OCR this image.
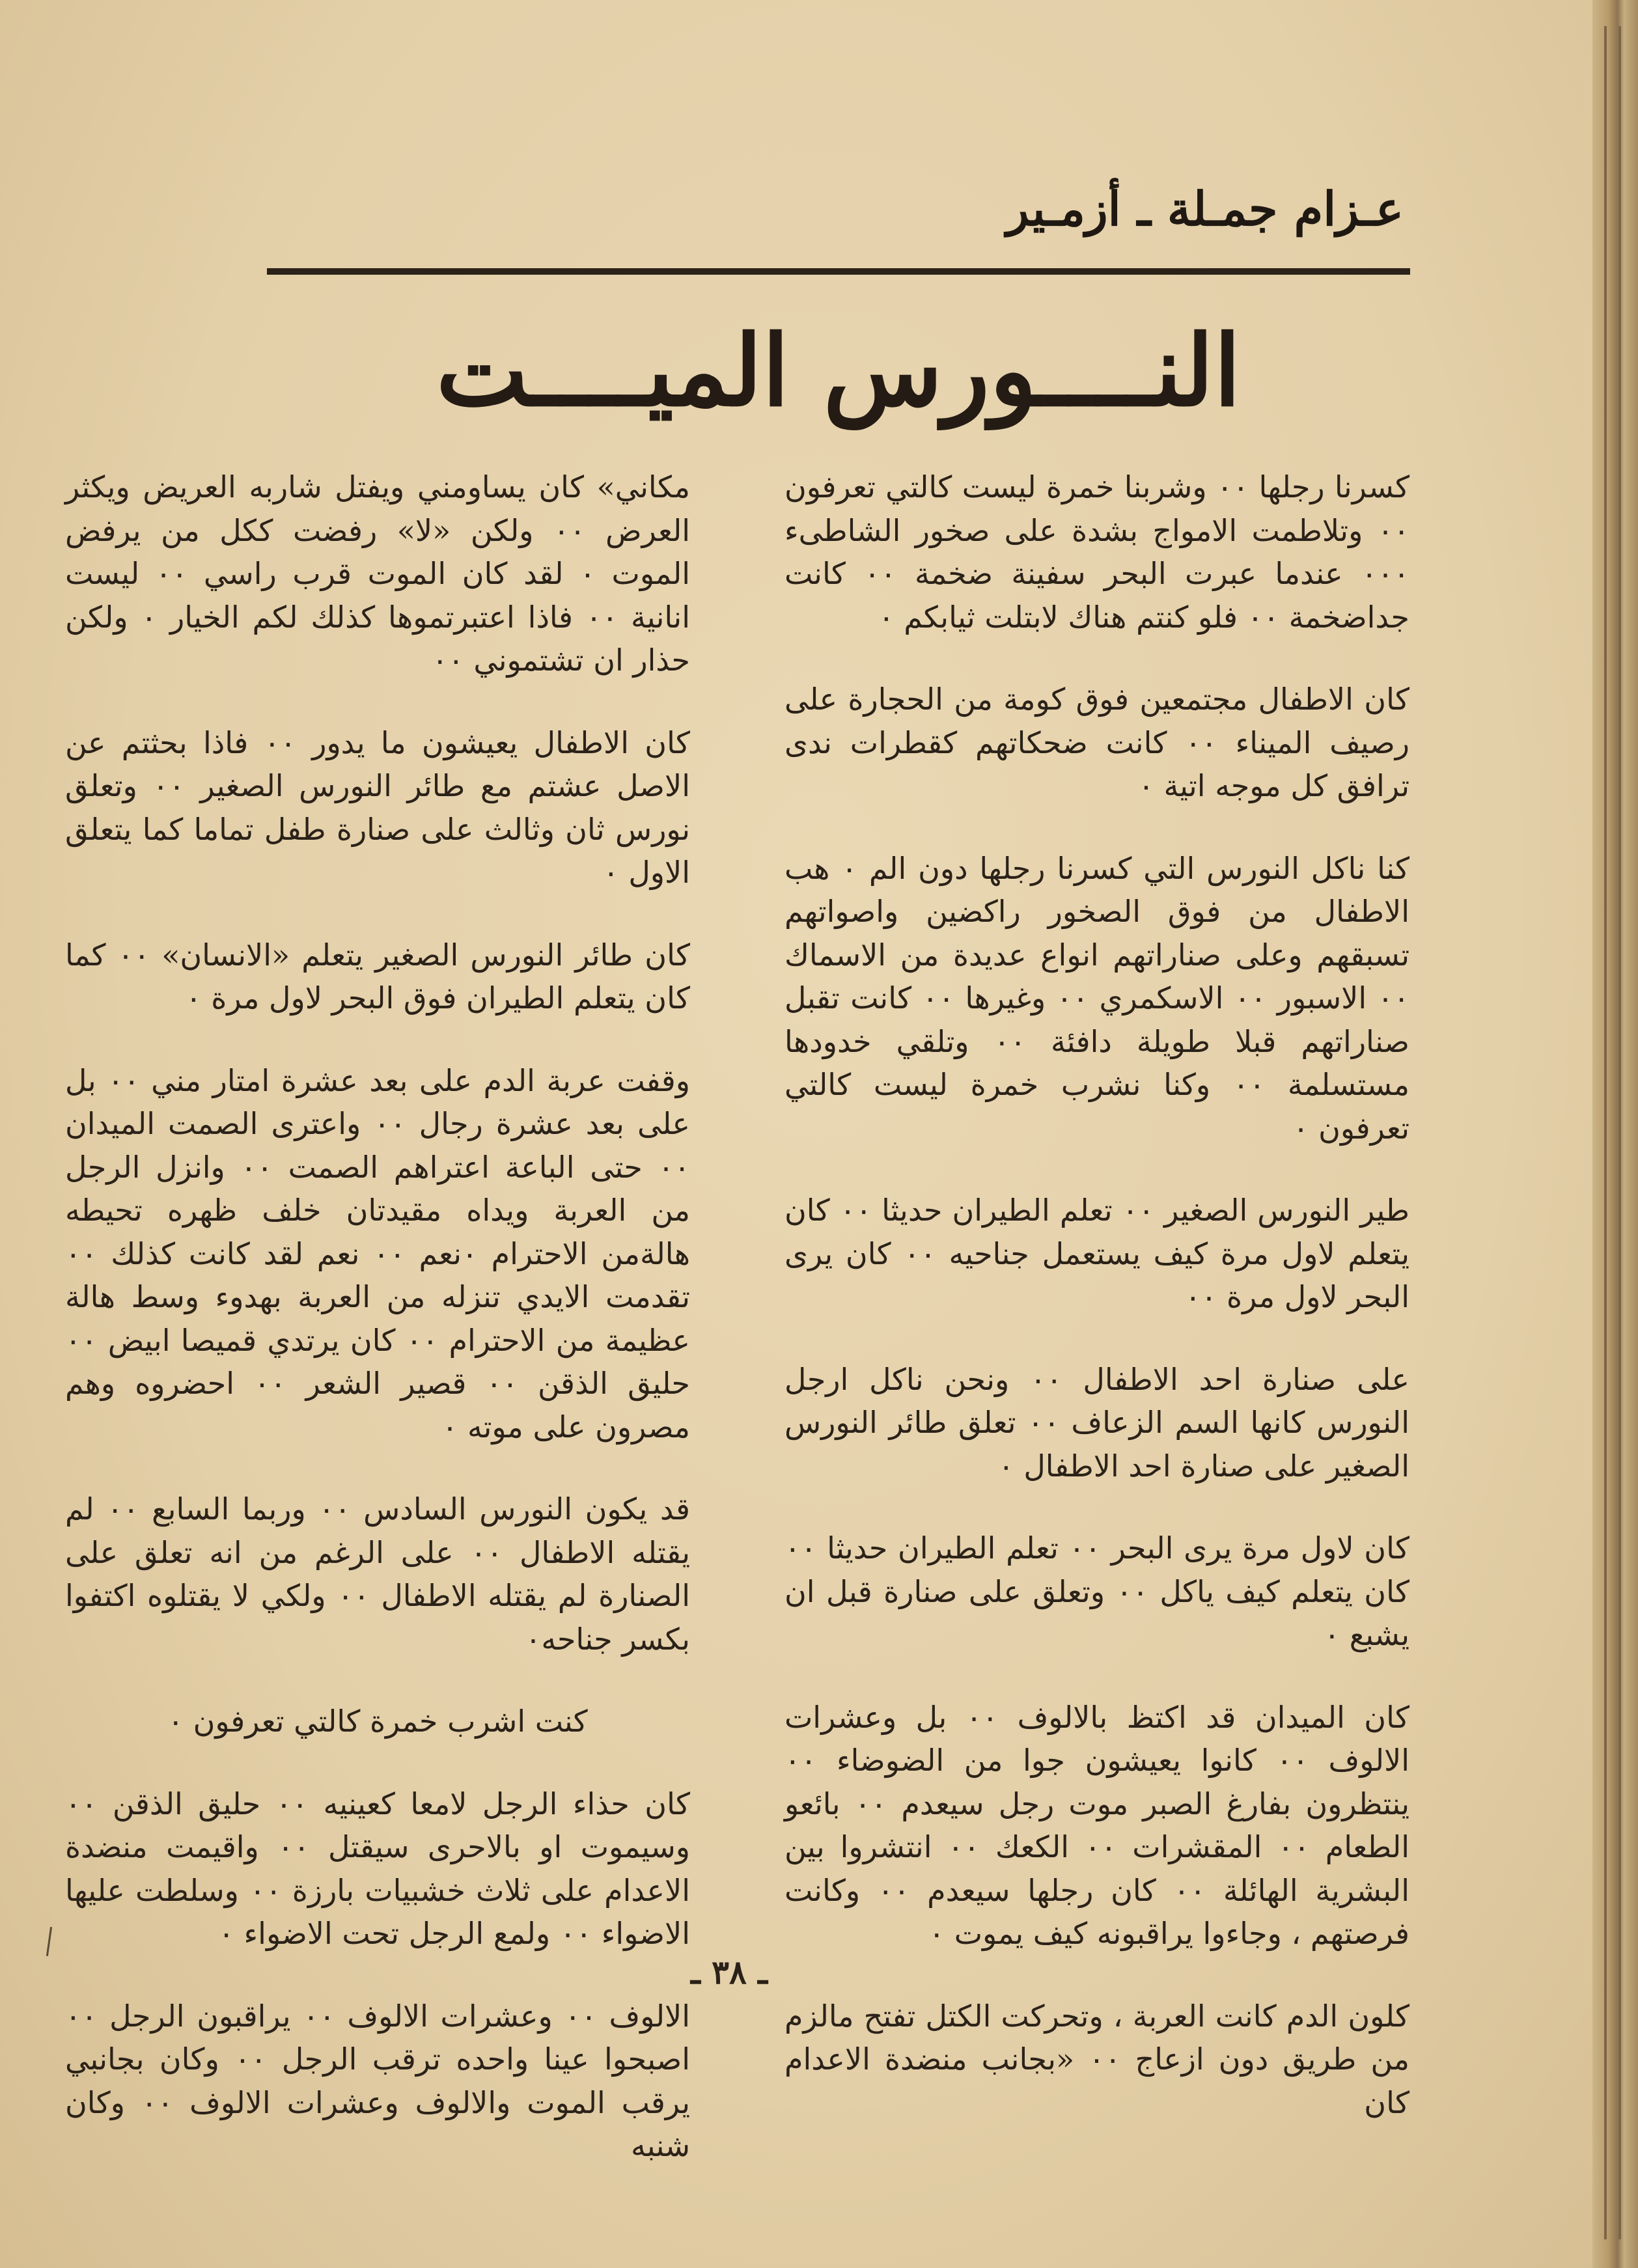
عـزام جمـلة ـ أزمـير
النــــورس الميــــت

كسرنا رجلها ٠٠ وشربنا خمرة ليست كالتي تعرفون ٠٠ وتلاطمت الامواج بشدة على صخور الشاطىء ٠٠٠ عندما عبرت البحر سفينة ضخمة ٠٠ كانت جداضخمة ٠٠ فلو كنتم هناك لابتلت ثيابكم ٠

كان الاطفال مجتمعين فوق كومة من الحجارة على رصيف الميناء ٠٠ كانت ضحكاتهم كقطرات ندى ترافق كل موجه اتية ٠

كنا ناكل النورس التي كسرنا رجلها دون الم ٠ هب الاطفال من فوق الصخور راكضين واصواتهم تسبقهم وعلى صناراتهم انواع عديدة من الاسماك ٠٠ الاسبور ٠٠ الاسكمري ٠٠ وغيرها ٠٠ كانت تقبل صناراتهم قبلا طويلة دافئة ٠٠ وتلقي خدودها مستسلمة ٠٠ وكنا نشرب خمرة ليست كالتي تعرفون ٠

طير النورس الصغير ٠٠ تعلم الطيران حديثا ٠٠ كان يتعلم لاول مرة كيف يستعمل جناحيه ٠٠ كان يرى البحر لاول مرة ٠٠

على صنارة احد الاطفال ٠٠ ونحن ناكل ارجل النورس كانها السم الزعاف ٠٠ تعلق طائر النورس الصغير على صنارة احد الاطفال ٠

كان لاول مرة يرى البحر ٠٠ تعلم الطيران حديثا ٠٠ كان يتعلم كيف ياكل ٠٠ وتعلق على صنارة قبل ان يشبع ٠

كان الميدان قد اكتظ بالالوف ٠٠ بل وعشرات الالوف ٠٠ كانوا يعيشون جوا من الضوضاء ٠٠ ينتظرون بفارغ الصبر موت رجل سيعدم ٠٠ بائعو الطعام ٠٠ المقشرات ٠٠ الكعك ٠٠ انتشروا بين البشرية الهائلة ٠٠ كان رجلها سيعدم ٠٠ وكانت فرصتهم ، وجاءوا يراقبونه كيف يموت ٠

كلون الدم كانت العربة ، وتحركت الكتل تفتح مالزم من طريق دون ازعاج ٠٠ «بجانب منضدة الاعدام كان

مكاني» كان يساومني ويفتل شاربه العريض ويكثر العرض ٠٠ ولكن «لا» رفضت ككل من يرفض الموت ٠ لقد كان الموت قرب راسي ٠٠ ليست انانية ٠٠ فاذا اعتبرتموها كذلك لكم الخيار ٠ ولكن حذار ان تشتموني ٠٠

كان الاطفال يعيشون ما يدور ٠٠ فاذا بحثتم عن الاصل عشتم مع طائر النورس الصغير ٠٠ وتعلق نورس ثان وثالث على صنارة طفل تماما كما يتعلق الاول ٠

كان طائر النورس الصغير يتعلم «الانسان» ٠٠ كما كان يتعلم الطيران فوق البحر لاول مرة ٠

وقفت عربة الدم على بعد عشرة امتار مني ٠٠ بل على بعد عشرة رجال ٠٠ واعترى الصمت الميدان ٠٠ حتى الباعة اعتراهم الصمت ٠٠ وانزل الرجل من العربة ويداه مقيدتان خلف ظهره تحيطه هالةمن الاحترام ٠نعم ٠٠ نعم لقد كانت كذلك ٠٠ تقدمت الايدي تنزله من العربة بهدوء وسط هالة عظيمة من الاحترام ٠٠ كان يرتدي قميصا ابيض ٠٠ حليق الذقن ٠٠ قصير الشعر ٠٠ احضروه وهم مصرون على موته ٠

قد يكون النورس السادس ٠٠ وربما السابع ٠٠ لم يقتله الاطفال ٠٠ على الرغم من انه تعلق على الصنارة لم يقتله الاطفال ٠٠ ولكي لا يقتلوه اكتفوا بكسر جناحه٠

كنت اشرب خمرة كالتي تعرفون ٠

كان حذاء الرجل لامعا كعينيه ٠٠ حليق الذقن ٠٠ وسيموت او بالاحرى سيقتل ٠٠ واقيمت منضدة الاعدام على ثلاث خشبيات بارزة ٠٠ وسلطت عليها الاضواء ٠٠ ولمع الرجل تحت الاضواء ٠

الالوف ٠٠ وعشرات الالوف ٠٠ يراقبون الرجل ٠٠ اصبحوا عينا واحده ترقب الرجل ٠٠ وكان بجانبي يرقب الموت والالوف وعشرات الالوف ٠٠ وكان شنبه

ـ ٣٨ ـ
